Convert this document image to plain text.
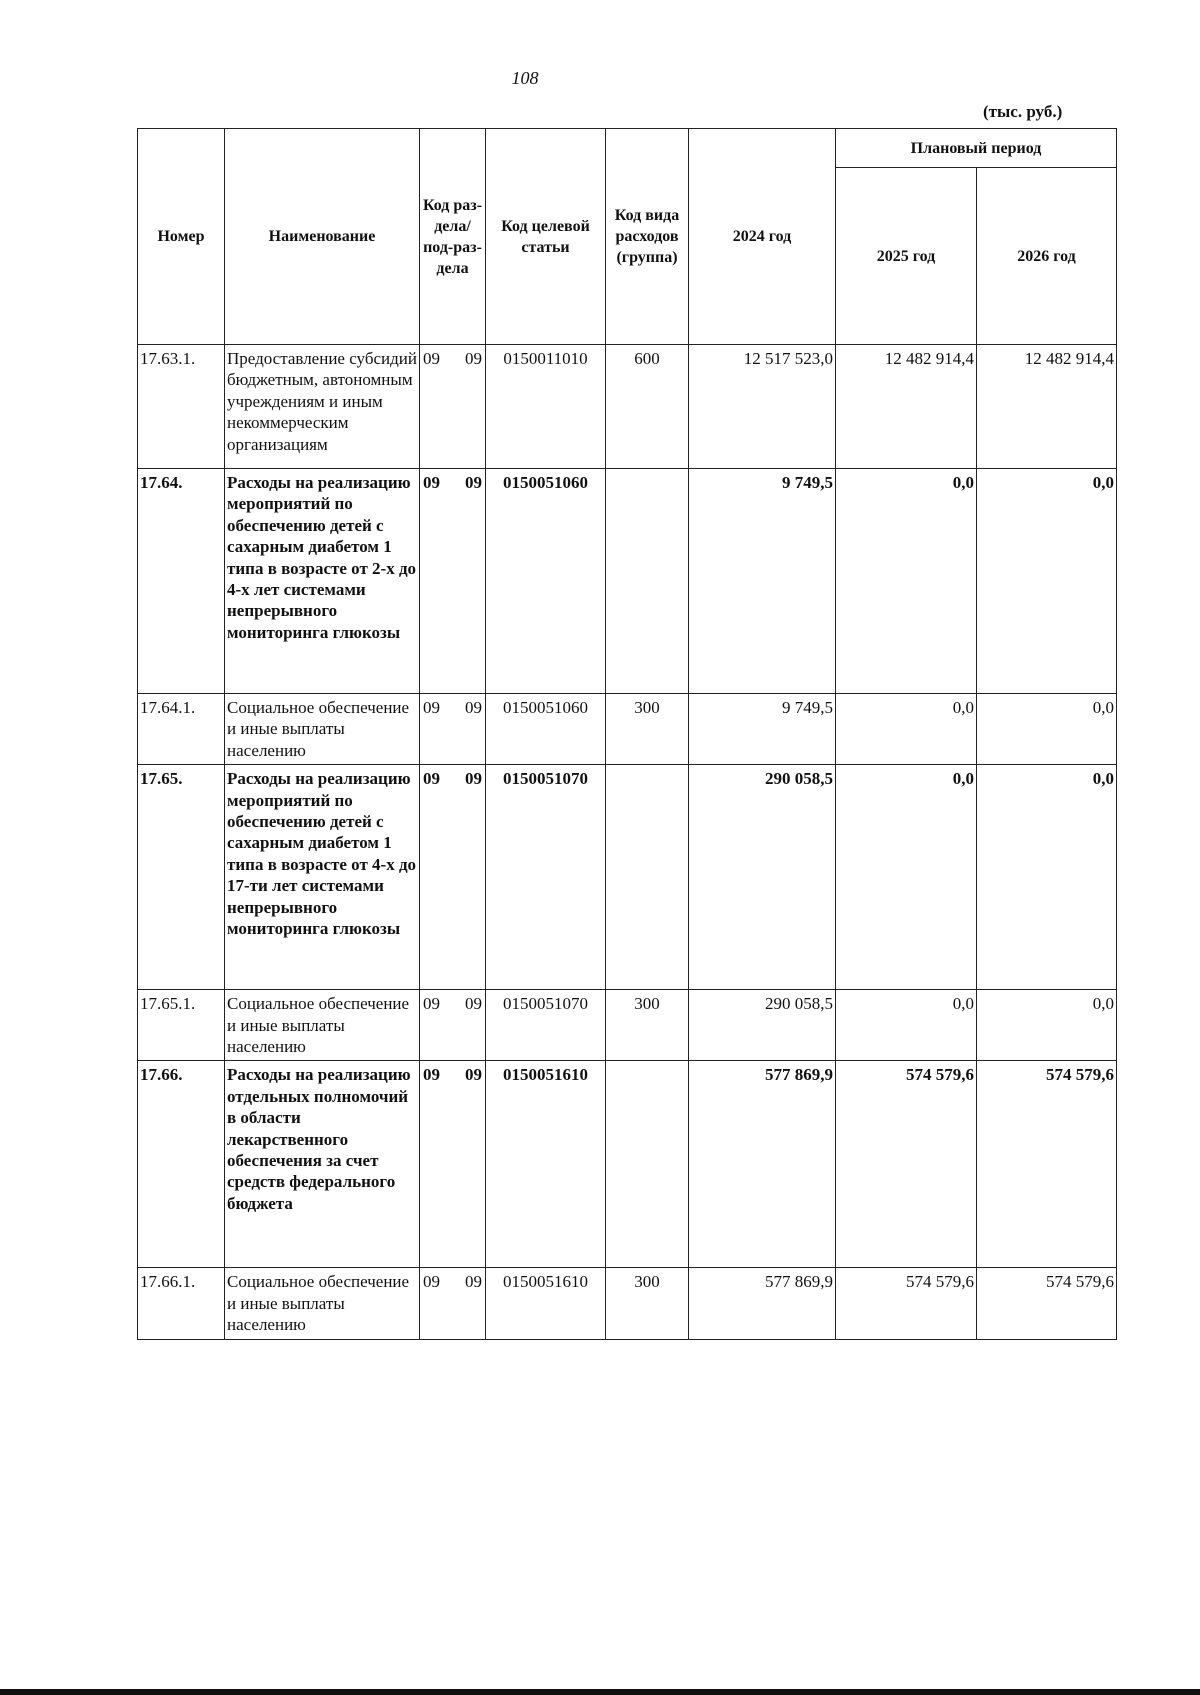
108
(тыс. руб.)
Номер	Наименование	Код раз-дела/ под-раз-дела	Код целевой статьи	Код вида расходов (группа)	2024 год	Плановый период	
						2025 год	2026 год
17.63.1.	Предоставление субсидий бюджетным, автономным учреждениям и иным некоммерческим организациям	09 09	0150011010	600	12 517 523,0	12 482 914,4	12 482 914,4
17.64.	Расходы на реализацию мероприятий по обеспечению детей с сахарным диабетом 1 типа в возрасте от 2-х до 4-х лет системами непрерывного мониторинга глюкозы	09 09	0150051060		9 749,5	0,0	0,0
17.64.1.	Социальное обеспечение и иные выплаты населению	09 09	0150051060	300	9 749,5	0,0	0,0
17.65.	Расходы на реализацию мероприятий по обеспечению детей с сахарным диабетом 1 типа в возрасте от 4-х до 17-ти лет системами непрерывного мониторинга глюкозы	09 09	0150051070		290 058,5	0,0	0,0
17.65.1.	Социальное обеспечение и иные выплаты населению	09 09	0150051070	300	290 058,5	0,0	0,0
17.66.	Расходы на реализацию отдельных полномочий в области лекарственного обеспечения за счет средств федерального бюджета	09 09	0150051610		577 869,9	574 579,6	574 579,6
17.66.1.	Социальное обеспечение и иные выплаты населению	09 09	0150051610	300	577 869,9	574 579,6	574 579,6
